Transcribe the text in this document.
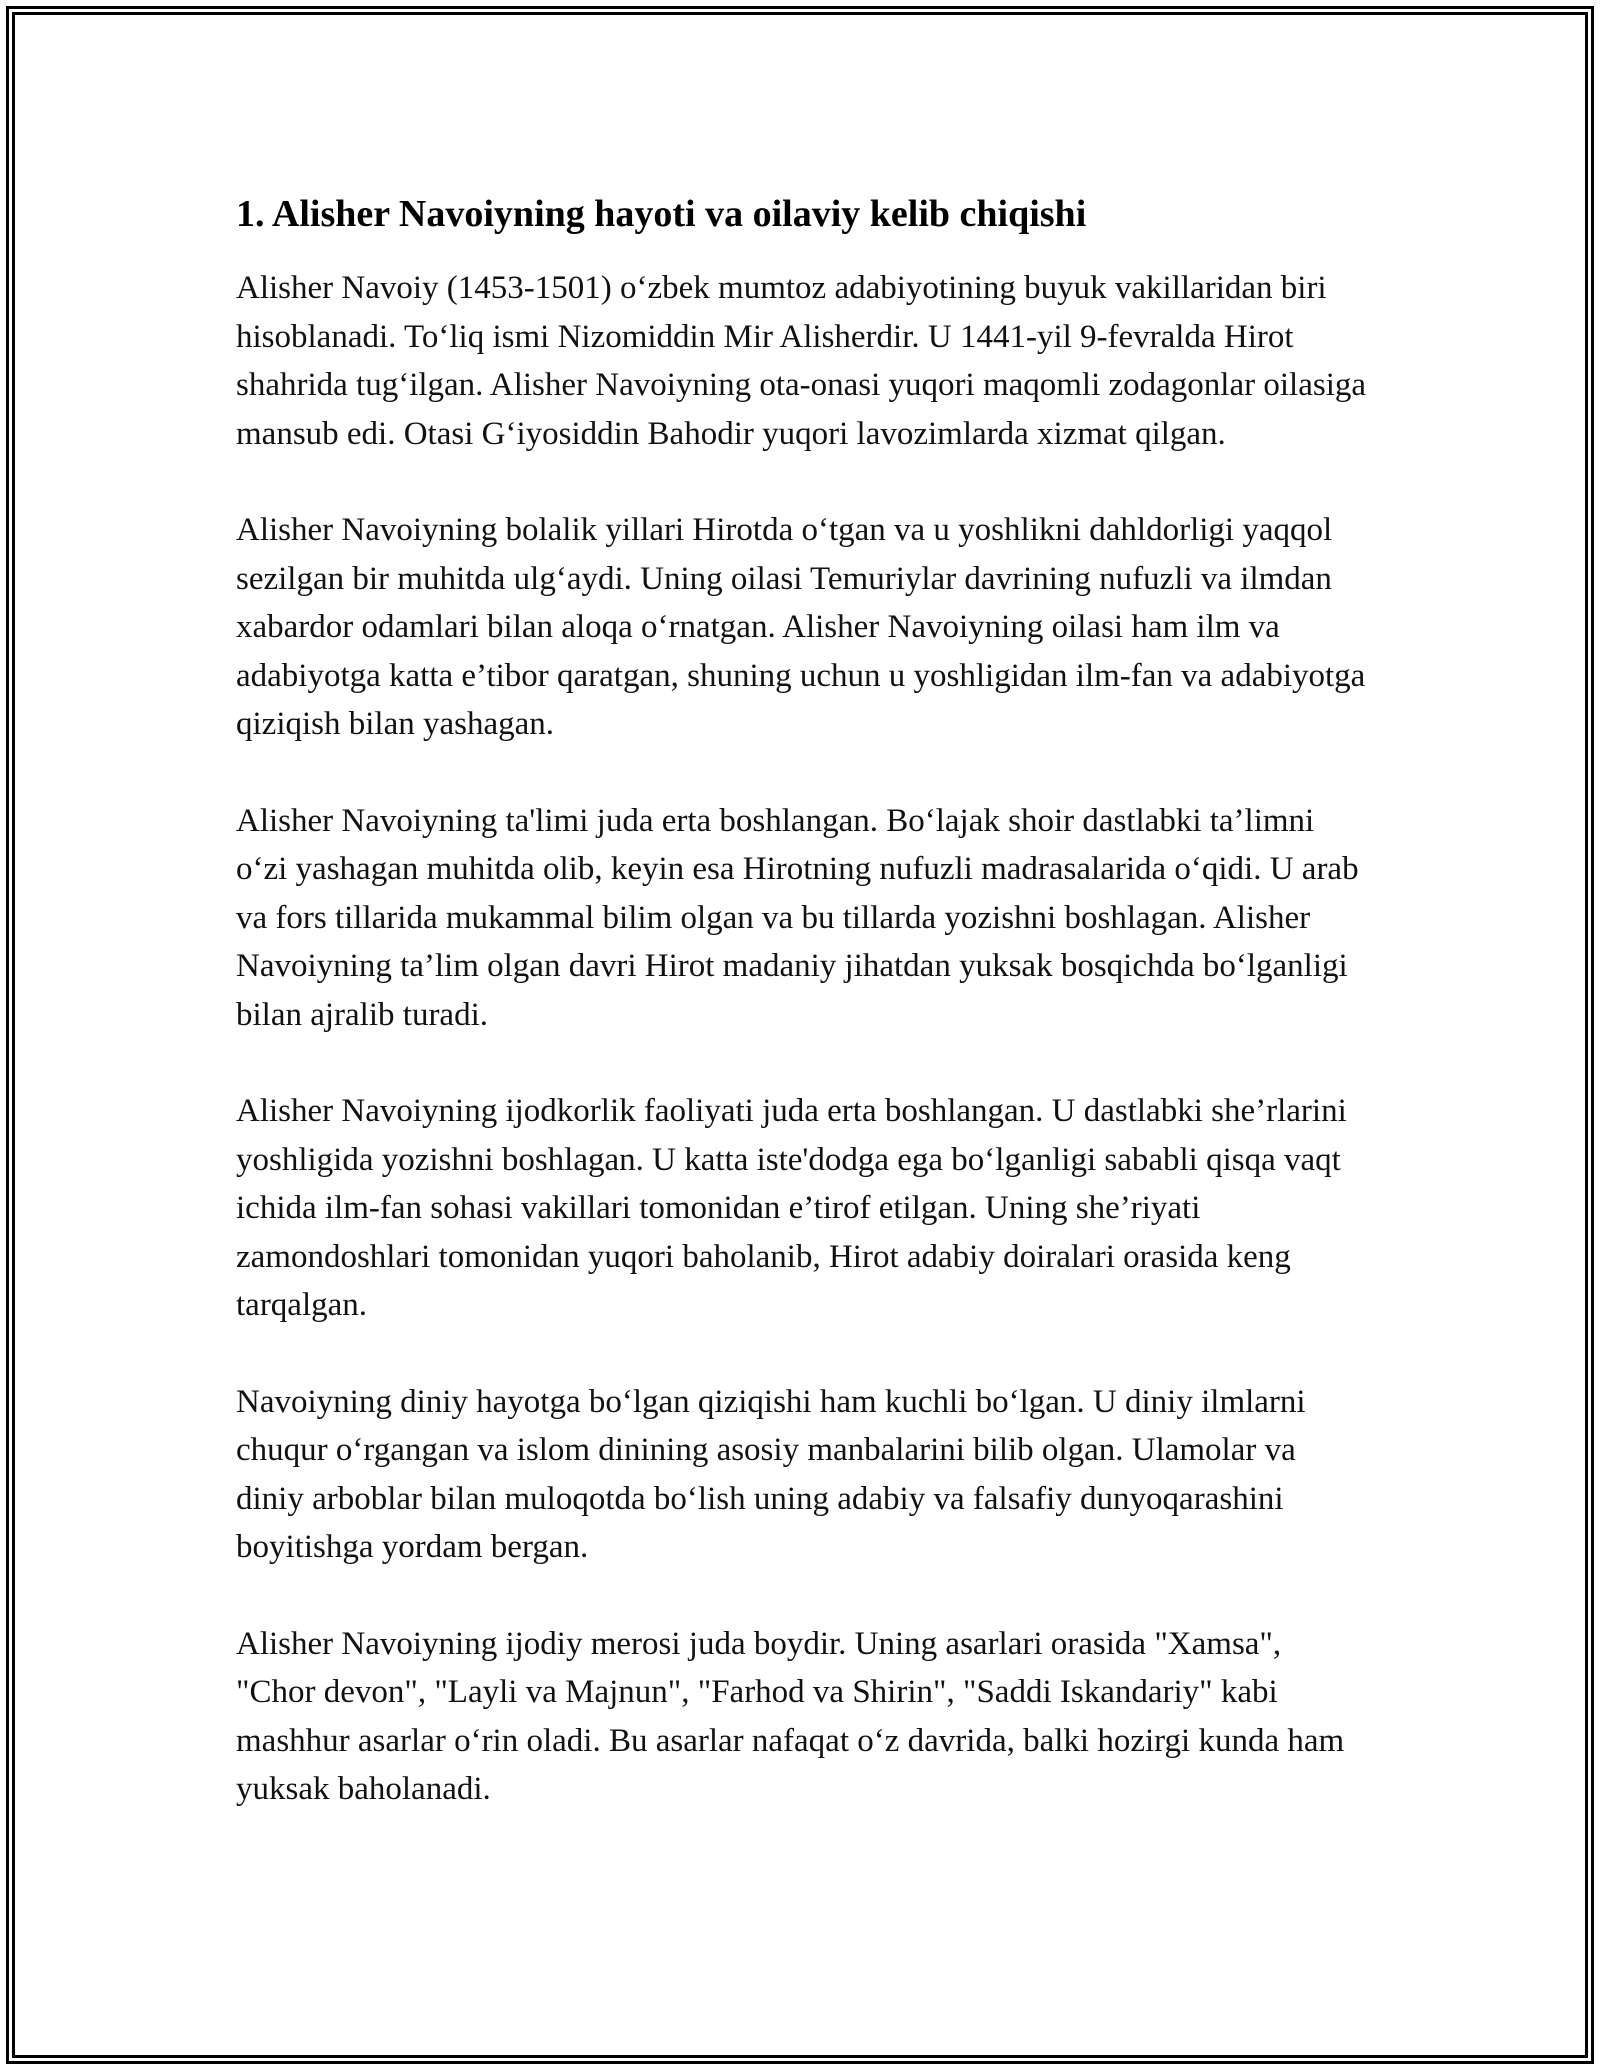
1. Alisher Navoiyning hayoti va oilaviy kelib chiqishi

Alisher Navoiy (1453-1501) o‘zbek mumtoz adabiyotining buyuk vakillaridan biri hisoblanadi. To‘liq ismi Nizomiddin Mir Alisherdir. U 1441-yil 9-fevralda Hirot shahrida tug‘ilgan. Alisher Navoiyning ota-onasi yuqori maqomli zodagonlar oilasiga mansub edi. Otasi G‘iyosiddin Bahodir yuqori lavozimlarda xizmat qilgan.

Alisher Navoiyning bolalik yillari Hirotda o‘tgan va u yoshlikni dahldorligi yaqqol sezilgan bir muhitda ulg‘aydi. Uning oilasi Temuriylar davrining nufuzli va ilmdan xabardor odamlari bilan aloqa o‘rnatgan. Alisher Navoiyning oilasi ham ilm va adabiyotga katta e’tibor qaratgan, shuning uchun u yoshligidan ilm-fan va adabiyotga qiziqish bilan yashagan.

Alisher Navoiyning ta'limi juda erta boshlangan. Bo‘lajak shoir dastlabki ta’limni o‘zi yashagan muhitda olib, keyin esa Hirotning nufuzli madrasalarida o‘qidi. U arab va fors tillarida mukammal bilim olgan va bu tillarda yozishni boshlagan. Alisher Navoiyning ta’lim olgan davri Hirot madaniy jihatdan yuksak bosqichda bo‘lganligi bilan ajralib turadi.

Alisher Navoiyning ijodkorlik faoliyati juda erta boshlangan. U dastlabki she’rlarini yoshligida yozishni boshlagan. U katta iste'dodga ega bo‘lganligi sababli qisqa vaqt ichida ilm-fan sohasi vakillari tomonidan e’tirof etilgan. Uning she’riyati zamondoshlari tomonidan yuqori baholanib, Hirot adabiy doiralari orasida keng tarqalgan.

Navoiyning diniy hayotga bo‘lgan qiziqishi ham kuchli bo‘lgan. U diniy ilmlarni chuqur o‘rgangan va islom dinining asosiy manbalarini bilib olgan. Ulamolar va diniy arboblar bilan muloqotda bo‘lish uning adabiy va falsafiy dunyoqarashini boyitishga yordam bergan.

Alisher Navoiyning ijodiy merosi juda boydir. Uning asarlari orasida "Xamsa", "Chor devon", "Layli va Majnun", "Farhod va Shirin", "Saddi Iskandariy" kabi mashhur asarlar o‘rin oladi. Bu asarlar nafaqat o‘z davrida, balki hozirgi kunda ham yuksak baholanadi.
